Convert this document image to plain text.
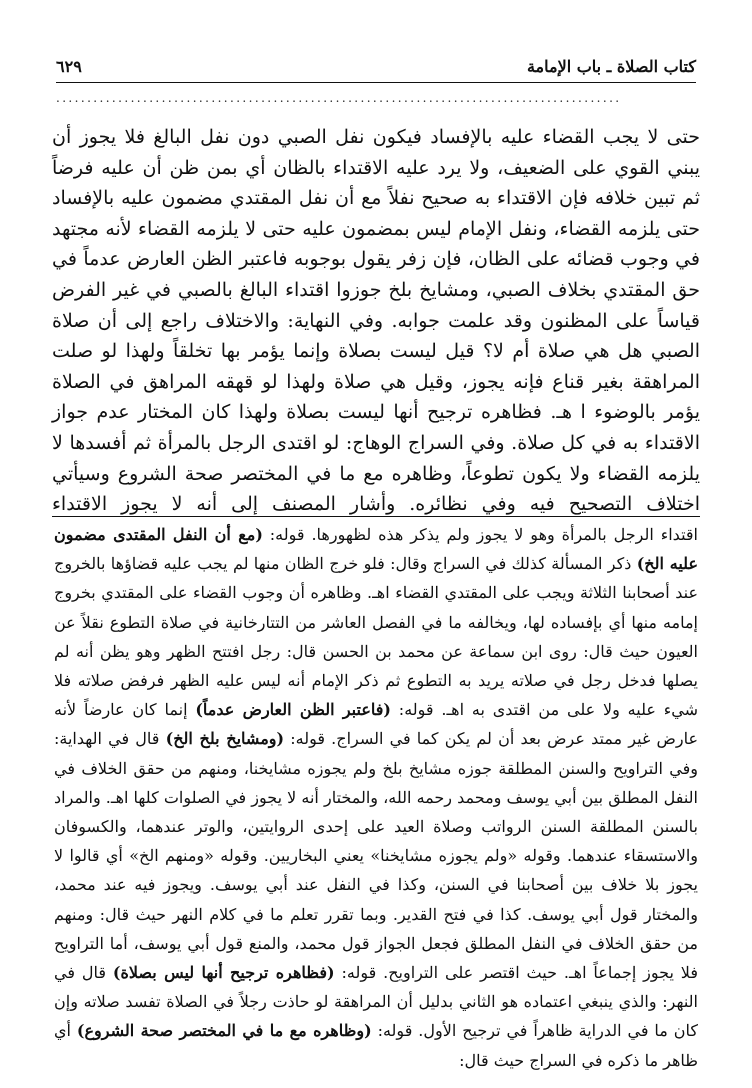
كتاب الصلاة ـ باب الإمامة
٦٢٩
...........................................................................................

حتى لا يجب القضاء عليه بالإفساد فيكون نفل الصبي دون نفل البالغ فلا يجوز أن يبني القوي على الضعيف، ولا يرد عليه الاقتداء بالظان أي بمن ظن أن عليه فرضاً ثم تبين خلافه فإن الاقتداء به صحيح نفلاً مع أن نفل المقتدي مضمون عليه بالإفساد حتى يلزمه القضاء، ونفل الإمام ليس بمضمون عليه حتى لا يلزمه القضاء لأنه مجتهد في وجوب قضائه على الظان، فإن زفر يقول بوجوبه فاعتبر الظن العارض عدماً في حق المقتدي بخلاف الصبي، ومشايخ بلخ جوزوا اقتداء البالغ بالصبي في غير الفرض قياساً على المظنون وقد علمت جوابه. وفي النهاية: والاختلاف راجع إلى أن صلاة الصبي هل هي صلاة أم لا؟ قيل ليست بصلاة وإنما يؤمر بها تخلقاً ولهذا لو صلت المراهقة بغير قناع فإنه يجوز، وقيل هي صلاة ولهذا لو قهقه المراهق في الصلاة يؤمر بالوضوء ا هـ. فظاهره ترجيح أنها ليست بصلاة ولهذا كان المختار عدم جواز الاقتداء به في كل صلاة. وفي السراج الوهاج: لو اقتدى الرجل بالمرأة ثم أفسدها لا يلزمه القضاء ولا يكون تطوعاً، وظاهره مع ما في المختصر صحة الشروع وسيأتي اختلاف التصحيح فيه وفي نظائره. وأشار المصنف إلى أنه لا يجوز الاقتداء

اقتداء الرجل بالمرأة وهو لا يجوز ولم يذكر هذه لظهورها. قوله: (مع أن النفل المقتدى مضمون عليه الخ) ذكر المسألة كذلك في السراج وقال: فلو خرج الظان منها لم يجب عليه قضاؤها بالخروج عند أصحابنا الثلاثة ويجب على المقتدي القضاء اهـ. وظاهره أن وجوب القضاء على المقتدي بخروج إمامه منها أي بإفساده لها، ويخالفه ما في الفصل العاشر من التتارخانية في صلاة التطوع نقلاً عن العيون حيث قال: روى ابن سماعة عن محمد بن الحسن قال: رجل افتتح الظهر وهو يظن أنه لم يصلها فدخل رجل في صلاته يريد به التطوع ثم ذكر الإمام أنه ليس عليه الظهر فرفض صلاته فلا شيء عليه ولا على من اقتدى به اهـ. قوله: (فاعتبر الظن العارض عدماً) إنما كان عارضاً لأنه عارض غير ممتد عرض بعد أن لم يكن كما في السراج. قوله: (ومشايخ بلخ الخ) قال في الهداية: وفي التراويح والسنن المطلقة جوزه مشايخ بلخ ولم يجوزه مشايخنا، ومنهم من حقق الخلاف في النفل المطلق بين أبي يوسف ومحمد رحمه الله، والمختار أنه لا يجوز في الصلوات كلها اهـ. والمراد بالسنن المطلقة السنن الرواتب وصلاة العيد على إحدى الروايتين، والوتر عندهما، والكسوفان والاستسقاء عندهما. وقوله «ولم يجوزه مشايخنا» يعني البخاريين. وقوله «ومنهم الخ» أي قالوا لا يجوز بلا خلاف بين أصحابنا في السنن، وكذا في النفل عند أبي يوسف. ويجوز فيه عند محمد، والمختار قول أبي يوسف. كذا في فتح القدير. وبما تقرر تعلم ما في كلام النهر حيث قال: ومنهم من حقق الخلاف في النفل المطلق فجعل الجواز قول محمد، والمنع قول أبي يوسف، أما التراويح فلا يجوز إجماعاً اهـ. حيث اقتصر على التراويح. قوله: (فظاهره ترجيح أنها ليس بصلاة) قال في النهر: والذي ينبغي اعتماده هو الثاني بدليل أن المراهقة لو حاذت رجلاً في الصلاة تفسد صلاته وإن كان ما في الدراية ظاهراً في ترجيح الأول. قوله: (وظاهره مع ما في المختصر صحة الشروع) أي ظاهر ما ذكره في السراج حيث قال:
